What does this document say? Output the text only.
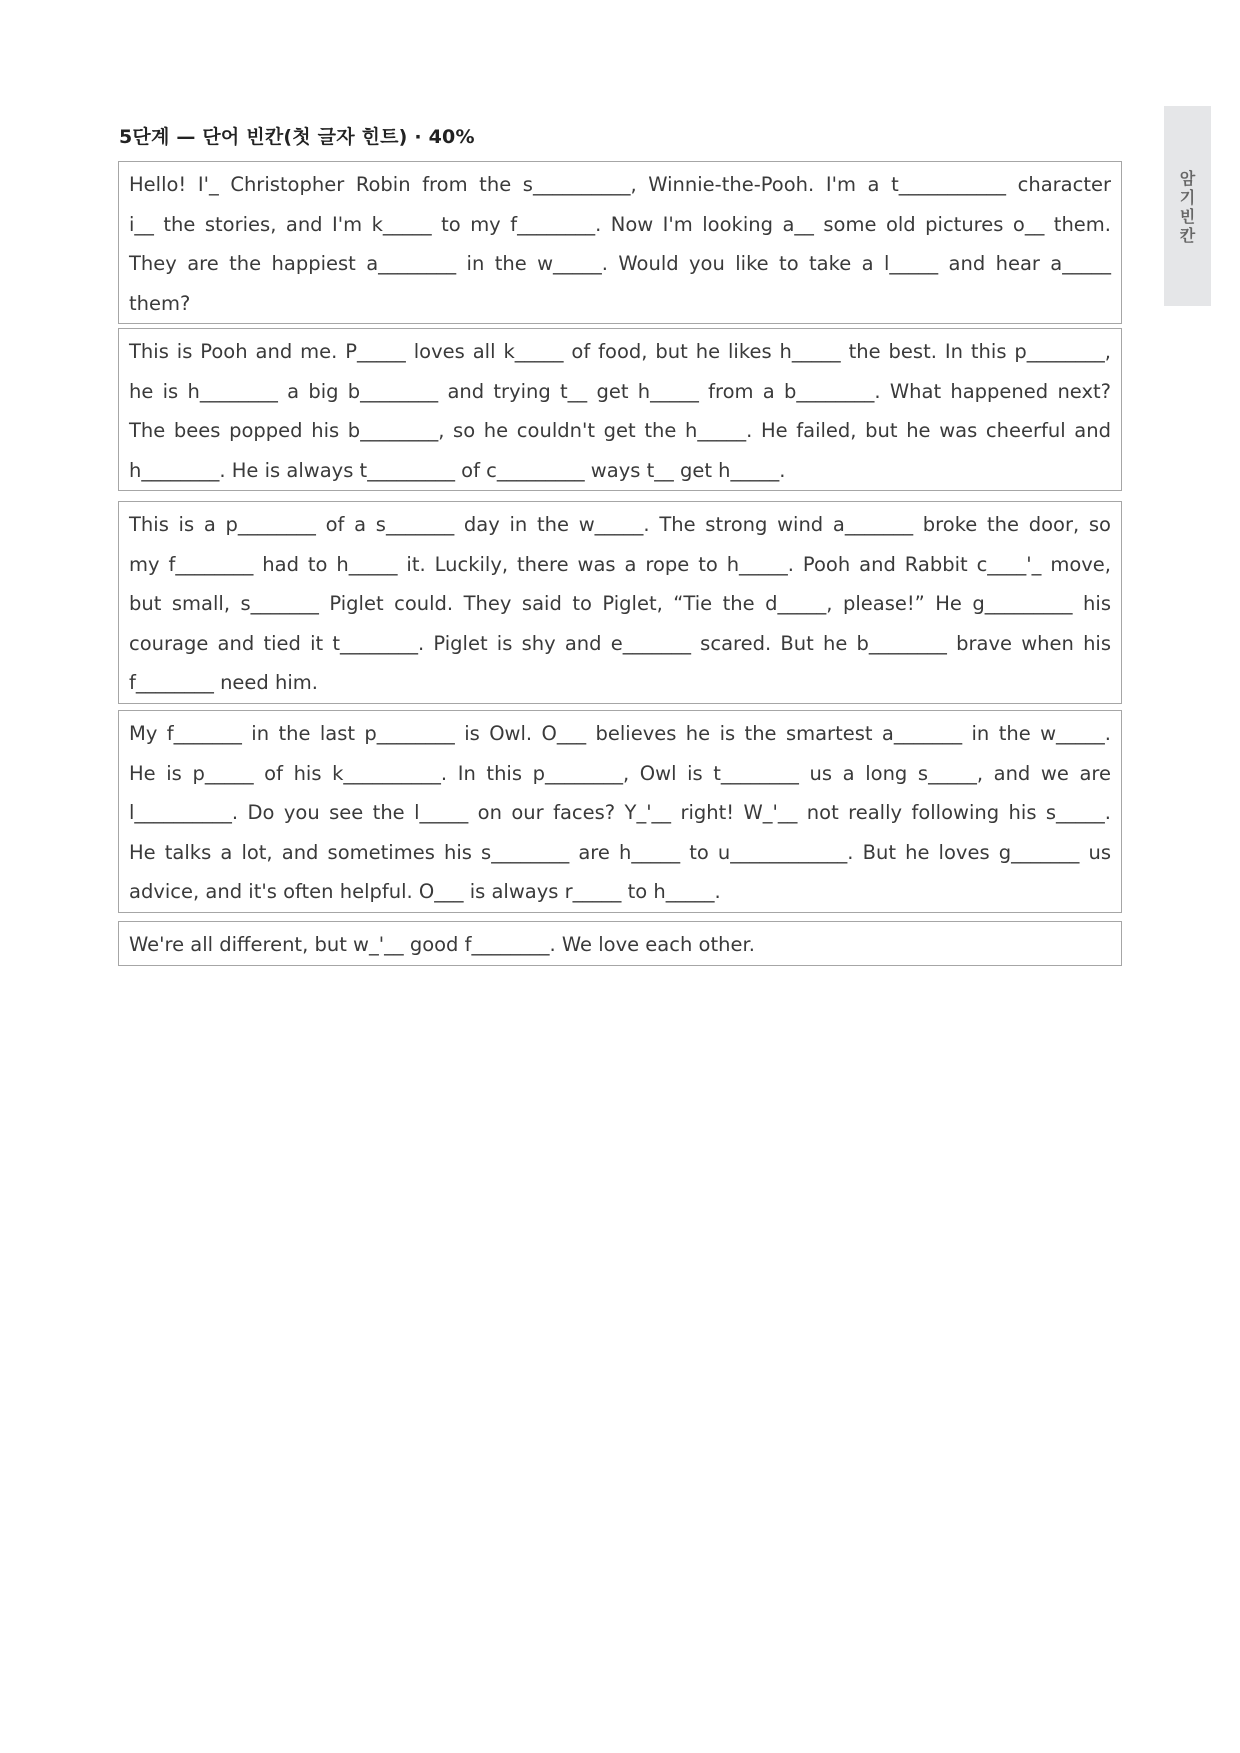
5단계 — 단어 빈칸(첫 글자 힌트) · 40%
암
기
빈
칸
Hello! I'_ Christopher Robin from the s__________, Winnie-the-Pooh. I'm a t___________ character
i__ the stories, and I'm k_____ to my f________. Now I'm looking a__ some old pictures o__ them.
They are the happiest a________ in the w_____. Would you like to take a l_____ and hear a_____
them?
This is Pooh and me. P_____ loves all k_____ of food, but he likes h_____ the best. In this p________,
he is h________ a big b________ and trying t__ get h_____ from a b________. What happened next?
The bees popped his b________, so he couldn't get the h_____. He failed, but he was cheerful and
h________. He is always t_________ of c_________ ways t__ get h_____.
This is a p________ of a s_______ day in the w_____. The strong wind a_______ broke the door, so
my f________ had to h_____ it. Luckily, there was a rope to h_____. Pooh and Rabbit c____'_ move,
but small, s_______ Piglet could. They said to Piglet, “Tie the d_____, please!” He g_________ his
courage and tied it t________. Piglet is shy and e_______ scared. But he b________ brave when his
f________ need him.
My f_______ in the last p________ is Owl. O___ believes he is the smartest a_______ in the w_____.
He is p_____ of his k__________. In this p________, Owl is t________ us a long s_____, and we are
l__________. Do you see the l_____ on our faces? Y_'__ right! W_'__ not really following his s_____.
He talks a lot, and sometimes his s________ are h_____ to u____________. But he loves g_______ us
advice, and it's often helpful. O___ is always r_____ to h_____.
We're all different, but w_'__ good f________. We love each other.
